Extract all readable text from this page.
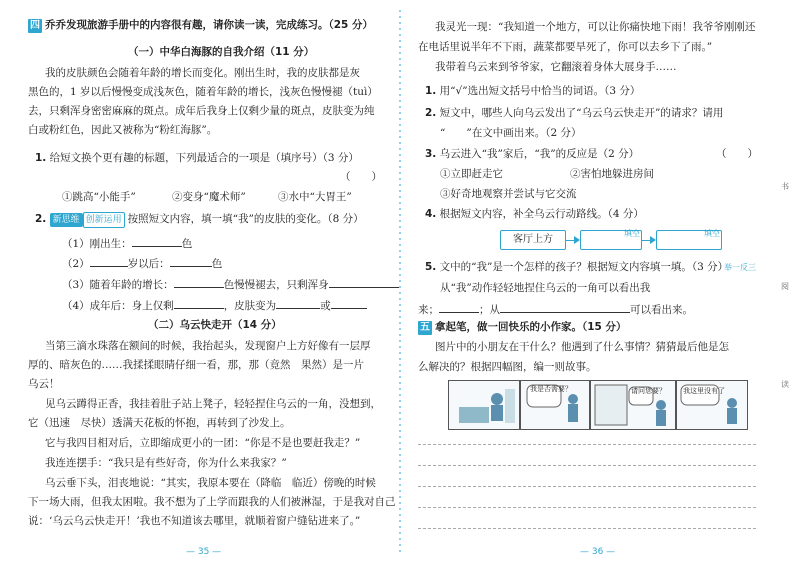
四 乔乔发现旅游手册中的内容很有趣，请你读一读，完成练习。（25 分）
（一）中华白海豚的自我介绍（11 分）
我的皮肤颜色会随着年龄的增长而变化。刚出生时，我的皮肤都是灰
黑色的，1 岁以后慢慢变成浅灰色，随着年龄的增长，浅灰色慢慢褪（tuì）
去，只剩浑身密密麻麻的斑点。成年后我身上仅剩少量的斑点，皮肤变为纯
白或粉红色，因此又被称为“粉红海豚”。
1. 给短文换个更有趣的标题，下列最适合的一项是（填序号）（3 分）
（　　）
①跳高“小能手”	②变身“魔术师”	③水中“大胃王”
2. 新思维 创新运用 按照短文内容，填一填“我”的皮肤的变化。（8 分）
（1）刚出生：	色
（2）	岁以后：	色
（3）随着年龄的增长：	色慢慢褪去，只剩浑身
（4）成年后：身上仅剩	，皮肤变为	或
（二）乌云快走开（14 分）
当第三滴水珠落在额间的时候，我抬起头，发现窗户上方好像有一层厚
厚的、暗灰色的……我揉揉眼睛仔细一看，那，那（竟然　果然）是一片
乌云！
见乌云蹲得正香，我挂着肚子站上凳子，轻轻捏住乌云的一角，没想到，
它（迅速　尽快）透满天花板的怀抱，再转到了沙发上。
它与我四目相对后，立即缩成更小的一团：“你是不是也要赶我走？”
我连连摆手：“我只是有些好奇，你为什么来我家？”
乌云垂下头，泪丧地说：“其实，我原本要在（降临　临近）傍晚的时候
下一场大雨，但我太困啦。我不想为了上学而跟我的人们被淋湿，于是我对自己
说：‘乌云乌云快走开！’我也不知道该去哪里，就顺着窗户缝钻进来了。”
— 35 —
书
阅
读
我灵光一现：“我知道一个地方，可以让你痛快地下雨！我爷爷刚刚还
在电话里说半年不下雨，蔬菜都要旱死了，你可以去乡下了雨。”
我带着乌云来到爷爷家，它翻滚着身体大展身手……
1. 用“√”选出短文括号中恰当的词语。（3 分）
2. 短文中，哪些人向乌云发出了“乌云乌云快走开”的请求？请用
“　　”在文中画出来。（2 分）
3. 乌云进入“我”家后，“我”的反应是（2 分）	（　　）
①立即赶走它	②害怕地躲进房间
③好奇地观察并尝试与它交流
4. 根据短文内容，补全乌云行动路线。（4 分）
客厅上方
填空	填空
5. 文中的“我”是一个怎样的孩子？根据短文内容填一填。（3 分）
举一反三
从“我”动作轻轻地捏住乌云的一角可以看出我
来；	；从	可以看出来。
五 拿起笔，做一回快乐的小作家。（15 分）
图片中的小朋友在干什么？他遇到了什么事情？猜猜最后他是怎
么解决的？根据四幅图，编一则故事。
我是否需要？	请问您要？ 我这里没有了
— 36 —
